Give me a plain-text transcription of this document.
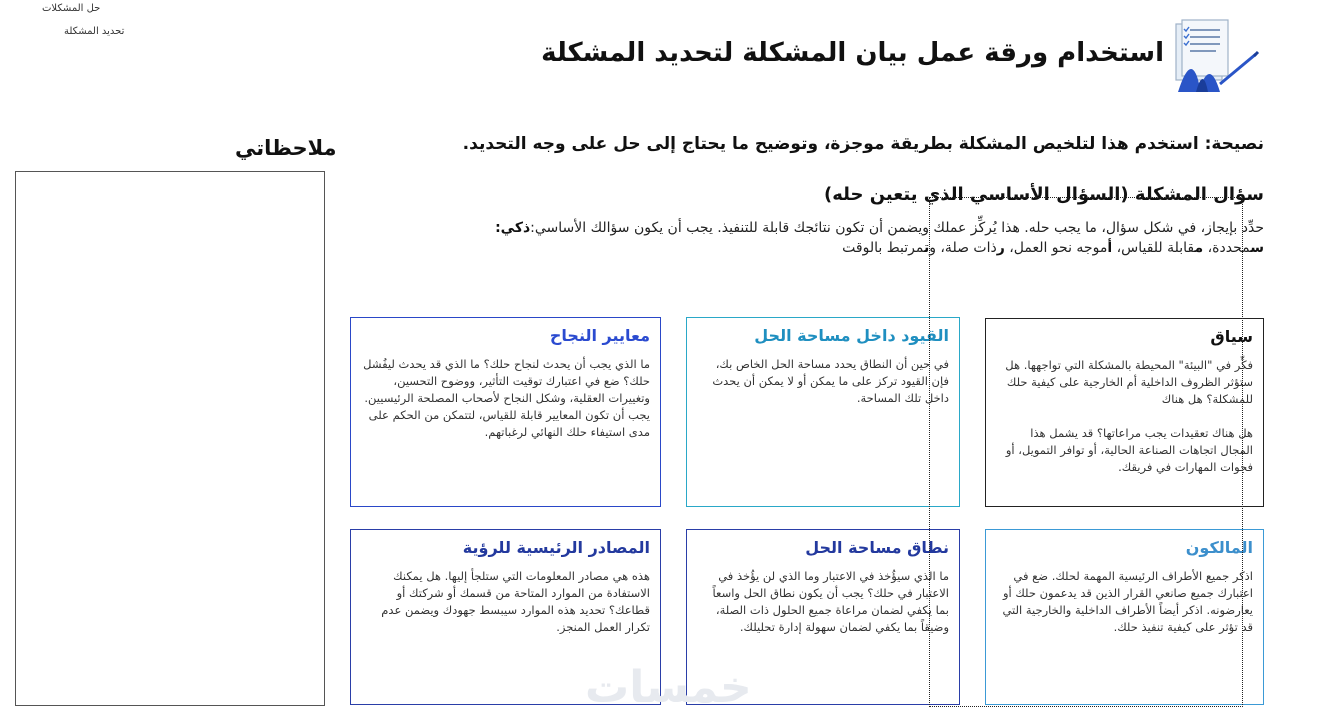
حل المشكلات
تحديد المشكلة
استخدام ورقة عمل بيان المشكلة لتحديد المشكلة
ملاحظاتي	نصيحة: استخدم هذا لتلخيص المشكلة بطريقة موجزة، وتوضيح ما يحتاج إلى حل على وجه التحديد.
سؤال المشكلة (السؤال الأساسي الذي يتعين حله)
حدِّد بإيجاز، في شكل سؤال، ما يجب حله. هذا يُركِّز عملك ويضمن أن تكون نتائجك قابلة للتنفيذ. يجب أن يكون سؤالك الأساسي:ذكي:
سمحددة، مقابلة للقياس، أموجه نحو العمل، رذات صلة، وتمرتبط بالوقت
سياق
فكِّر في "البيئة" المحيطة بالمشكلة التي تواجهها. هل ستؤثر الظروف الداخلية أم الخارجية على كيفية حلك للمشكلة؟ هل هناك

هل هناك تعقيدات يجب مراعاتها؟ قد يشمل هذا المجال اتجاهات الصناعة الحالية، أو توافر التمويل، أو فجوات المهارات في فريقك.
القيود داخل مساحة الحل
في حين أن النطاق يحدد مساحة الحل الخاص بك، فإن القيود تركز على ما يمكن أو لا يمكن أن يحدث داخل تلك المساحة.
معايير النجاح
ما الذي يجب أن يحدث لنجاح حلك؟ ما الذي قد يحدث ليفُشل حلك؟ ضع في اعتبارك توقيت التأثير، ووضوح التحسين، وتغييرات العقلية، وشكل النجاح لأصحاب المصلحة الرئيسيين. يجب أن تكون المعايير قابلة للقياس، لتتمكن من الحكم على مدى استيفاء حلك النهائي لرغباتهم.
المالكون
اذكر جميع الأطراف الرئيسية المهمة لحلك. ضع في اعتبارك جميع صانعي القرار الذين قد يدعمون حلك أو يعارضونه. اذكر أيضاً الأطراف الداخلية والخارجية التي قد تؤثر على كيفية تنفيذ حلك.
نطاق مساحة الحل
ما الذي سيؤُخذ في الاعتبار وما الذي لن يؤُخذ في الاعتبار في حلك؟ يجب أن يكون نطاق الحل واسعاً بما يكفي لضمان مراعاة جميع الحلول ذات الصلة، وضيقاً بما يكفي لضمان سهولة إدارة تحليلك.
المصادر الرئيسية للرؤية
هذه هي مصادر المعلومات التي ستلجأ إليها. هل يمكنك الاستفادة من الموارد المتاحة من قسمك أو شركتك أو قطاعك؟ تحديد هذه الموارد سيبسط جهودك ويضمن عدم تكرار العمل المنجز.
خمسات
